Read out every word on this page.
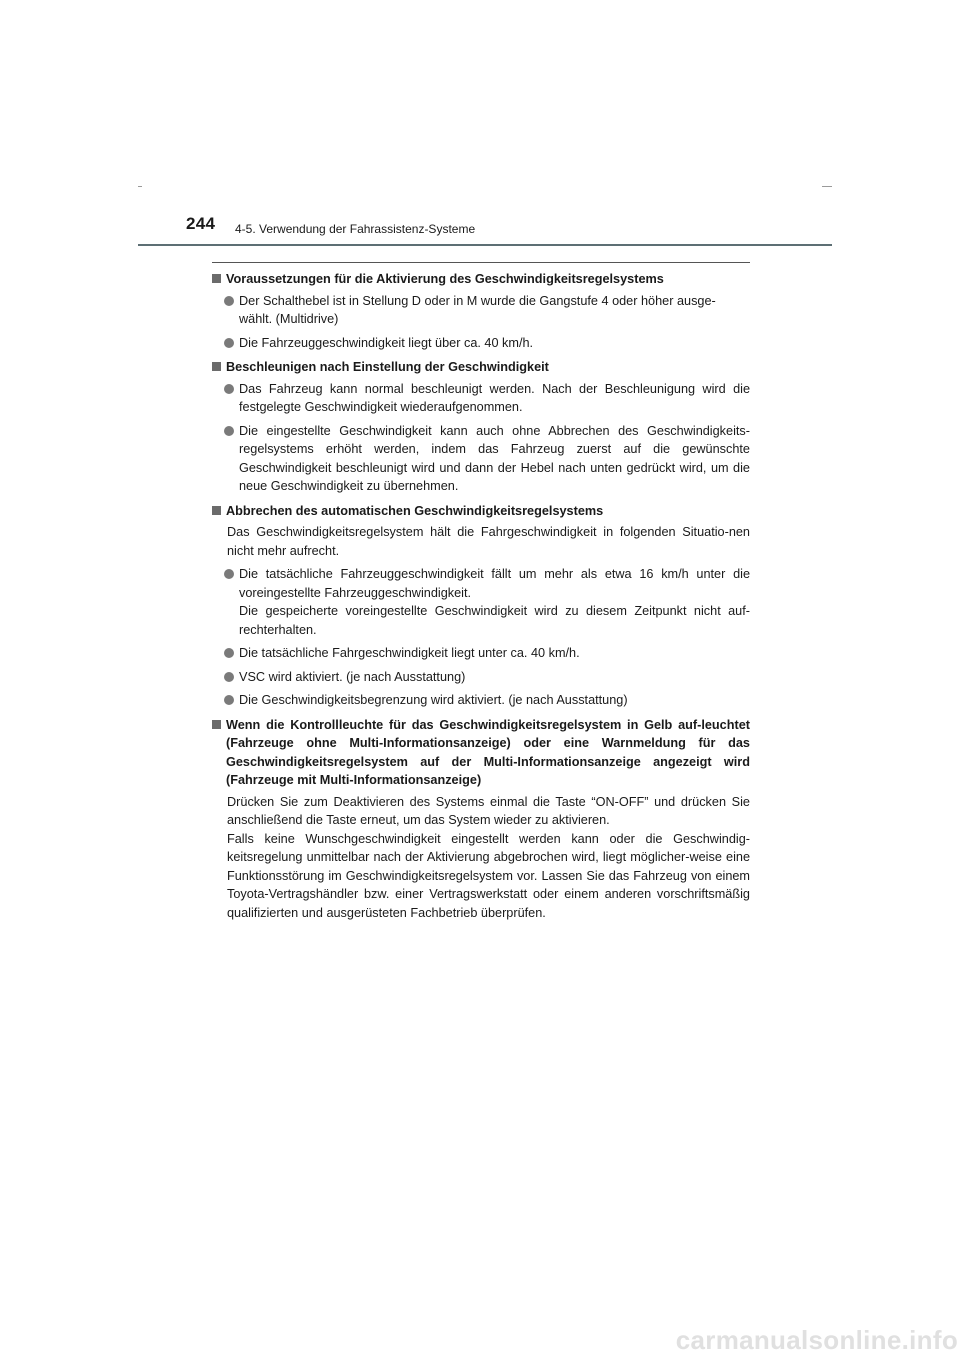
244 4-5. Verwendung der Fahrassistenz-Systeme
Voraussetzungen für die Aktivierung des Geschwindigkeitsregelsystems
Der Schalthebel ist in Stellung D oder in M wurde die Gangstufe 4 oder höher ausge-
wählt. (Multidrive)
Die Fahrzeuggeschwindigkeit liegt über ca. 40 km/h.
Beschleunigen nach Einstellung der Geschwindigkeit
Das Fahrzeug kann normal beschleunigt werden. Nach der Beschleunigung wird die festgelegte Geschwindigkeit wiederaufgenommen.
Die eingestellte Geschwindigkeit kann auch ohne Abbrechen des Geschwindigkeits-regelsystems erhöht werden, indem das Fahrzeug zuerst auf die gewünschte Geschwindigkeit beschleunigt wird und dann der Hebel nach unten gedrückt wird, um die neue Geschwindigkeit zu übernehmen.
Abbrechen des automatischen Geschwindigkeitsregelsystems

Das Geschwindigkeitsregelsystem hält die Fahrgeschwindigkeit in folgenden Situatio-nen nicht mehr aufrecht.

Die tatsächliche Fahrzeuggeschwindigkeit fällt um mehr als etwa 16 km/h unter die voreingestellte Fahrzeuggeschwindigkeit.
Die gespeicherte voreingestellte Geschwindigkeit wird zu diesem Zeitpunkt nicht auf-rechterhalten.
Die tatsächliche Fahrgeschwindigkeit liegt unter ca. 40 km/h.
VSC wird aktiviert. (je nach Ausstattung)
Die Geschwindigkeitsbegrenzung wird aktiviert. (je nach Ausstattung)
Wenn die Kontrollleuchte für das Geschwindigkeitsregelsystem in Gelb auf-leuchtet (Fahrzeuge ohne Multi-Informationsanzeige) oder eine Warnmeldung für das Geschwindigkeitsregelsystem auf der Multi-Informationsanzeige angezeigt wird (Fahrzeuge mit Multi-Informationsanzeige)

Drücken Sie zum Deaktivieren des Systems einmal die Taste “ON-OFF” und drücken Sie anschließend die Taste erneut, um das System wieder zu aktivieren.

Falls keine Wunschgeschwindigkeit eingestellt werden kann oder die Geschwindig-keitsregelung unmittelbar nach der Aktivierung abgebrochen wird, liegt möglicher-weise eine Funktionsstörung im Geschwindigkeitsregelsystem vor. Lassen Sie das Fahrzeug von einem Toyota-Vertragshändler bzw. einer Vertragswerkstatt oder einem anderen vorschriftsmäßig qualifizierten und ausgerüsteten Fachbetrieb überprüfen.

carmanualsonline.info
